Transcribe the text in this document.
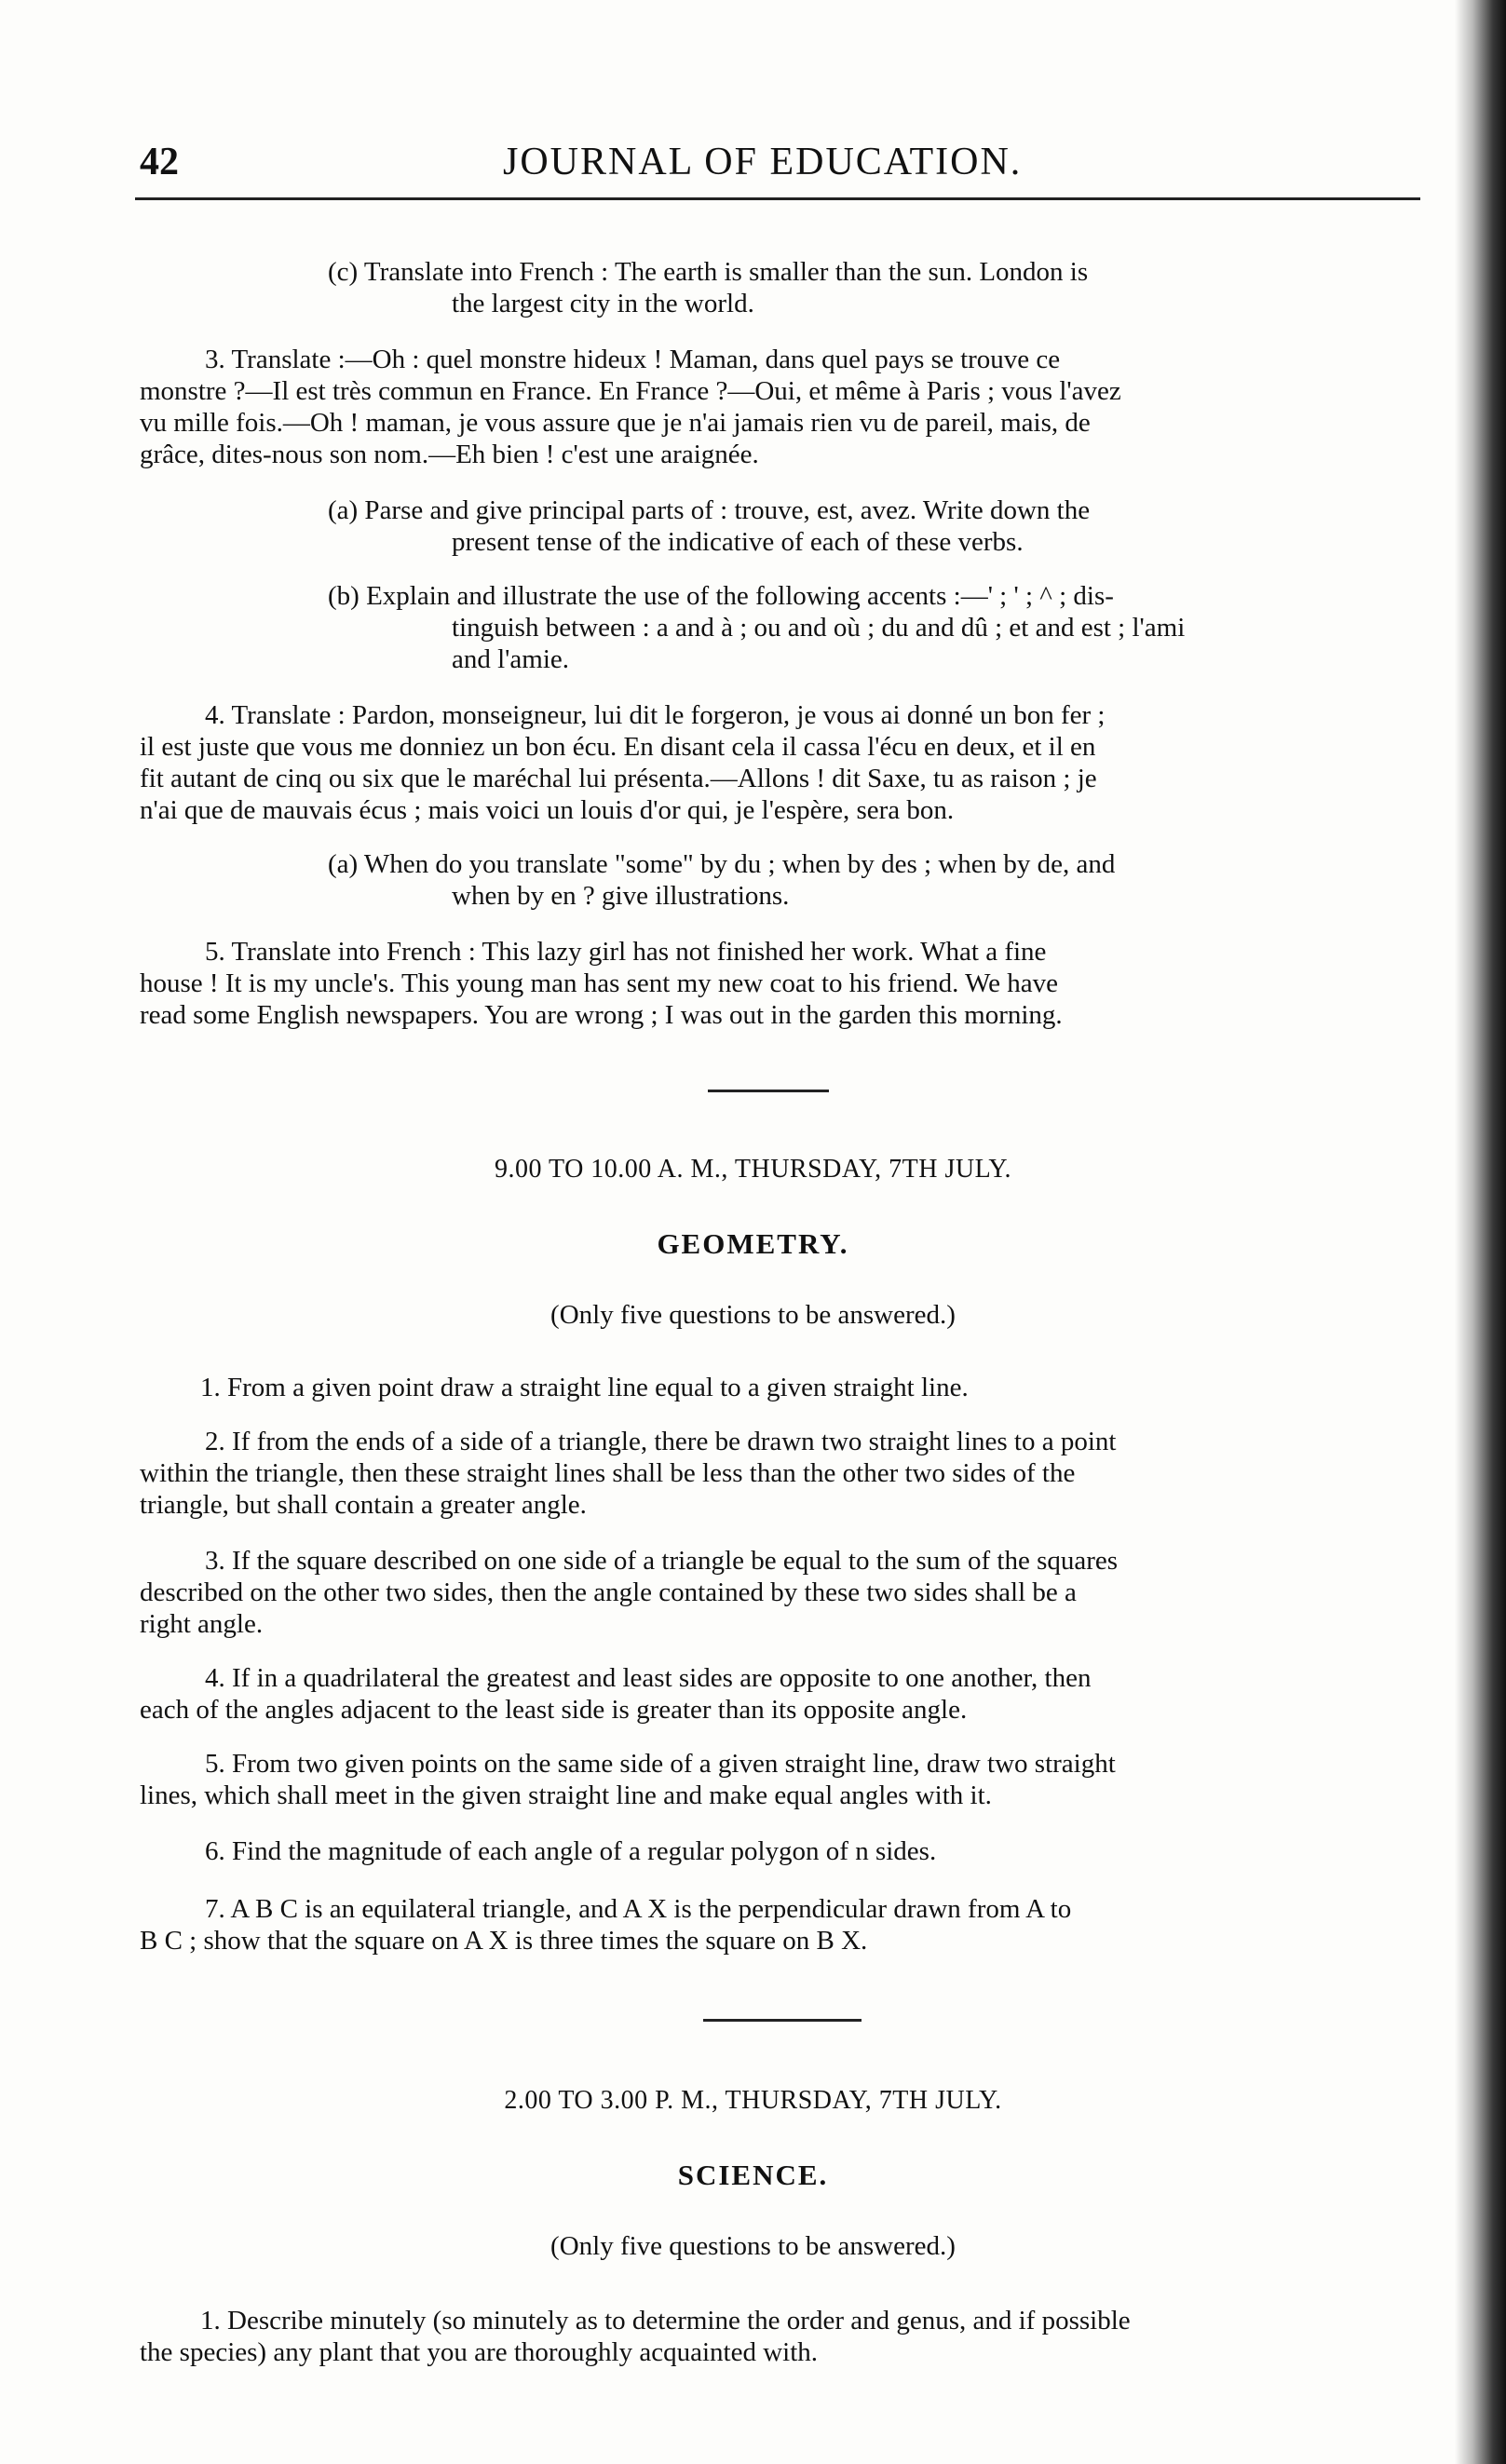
42	JOURNAL OF EDUCATION.
(c) Translate into French : The earth is smaller than the sun. London is
the largest city in the world.
3. Translate :—Oh : quel monstre hideux ! Maman, dans quel pays se trouve ce
monstre ?—Il est très commun en France. En France ?—Oui, et même à Paris ; vous l'avez
vu mille fois.—Oh ! maman, je vous assure que je n'ai jamais rien vu de pareil, mais, de
grâce, dites-nous son nom.—Eh bien ! c'est une araignée.
(a) Parse and give principal parts of : trouve, est, avez. Write down the
present tense of the indicative of each of these verbs.
(b) Explain and illustrate the use of the following accents :—' ; ' ; ^ ; dis-
tinguish between : a and à ; ou and où ; du and dû ; et and est ; l'ami
and l'amie.
4. Translate : Pardon, monseigneur, lui dit le forgeron, je vous ai donné un bon fer ;
il est juste que vous me donniez un bon écu. En disant cela il cassa l'écu en deux, et il en
fit autant de cinq ou six que le maréchal lui présenta.—Allons ! dit Saxe, tu as raison ; je
n'ai que de mauvais écus ; mais voici un louis d'or qui, je l'espère, sera bon.
(a) When do you translate "some" by du ; when by des ; when by de, and
when by en ? give illustrations.
5. Translate into French : This lazy girl has not finished her work. What a fine
house ! It is my uncle's. This young man has sent my new coat to his friend. We have
read some English newspapers. You are wrong ; I was out in the garden this morning.
9.00 TO 10.00 A. M., THURSDAY, 7TH JULY.
GEOMETRY.
(Only five questions to be answered.)
1. From a given point draw a straight line equal to a given straight line.
2. If from the ends of a side of a triangle, there be drawn two straight lines to a point
within the triangle, then these straight lines shall be less than the other two sides of the
triangle, but shall contain a greater angle.
3. If the square described on one side of a triangle be equal to the sum of the squares
described on the other two sides, then the angle contained by these two sides shall be a
right angle.
4. If in a quadrilateral the greatest and least sides are opposite to one another, then
each of the angles adjacent to the least side is greater than its opposite angle.
5. From two given points on the same side of a given straight line, draw two straight
lines, which shall meet in the given straight line and make equal angles with it.
6. Find the magnitude of each angle of a regular polygon of n sides.
7. A B C is an equilateral triangle, and A X is the perpendicular drawn from A to
B C ; show that the square on A X is three times the square on B X.
2.00 TO 3.00 P. M., THURSDAY, 7TH JULY.
SCIENCE.
(Only five questions to be answered.)
1. Describe minutely (so minutely as to determine the order and genus, and if possible
the species) any plant that you are thoroughly acquainted with.
